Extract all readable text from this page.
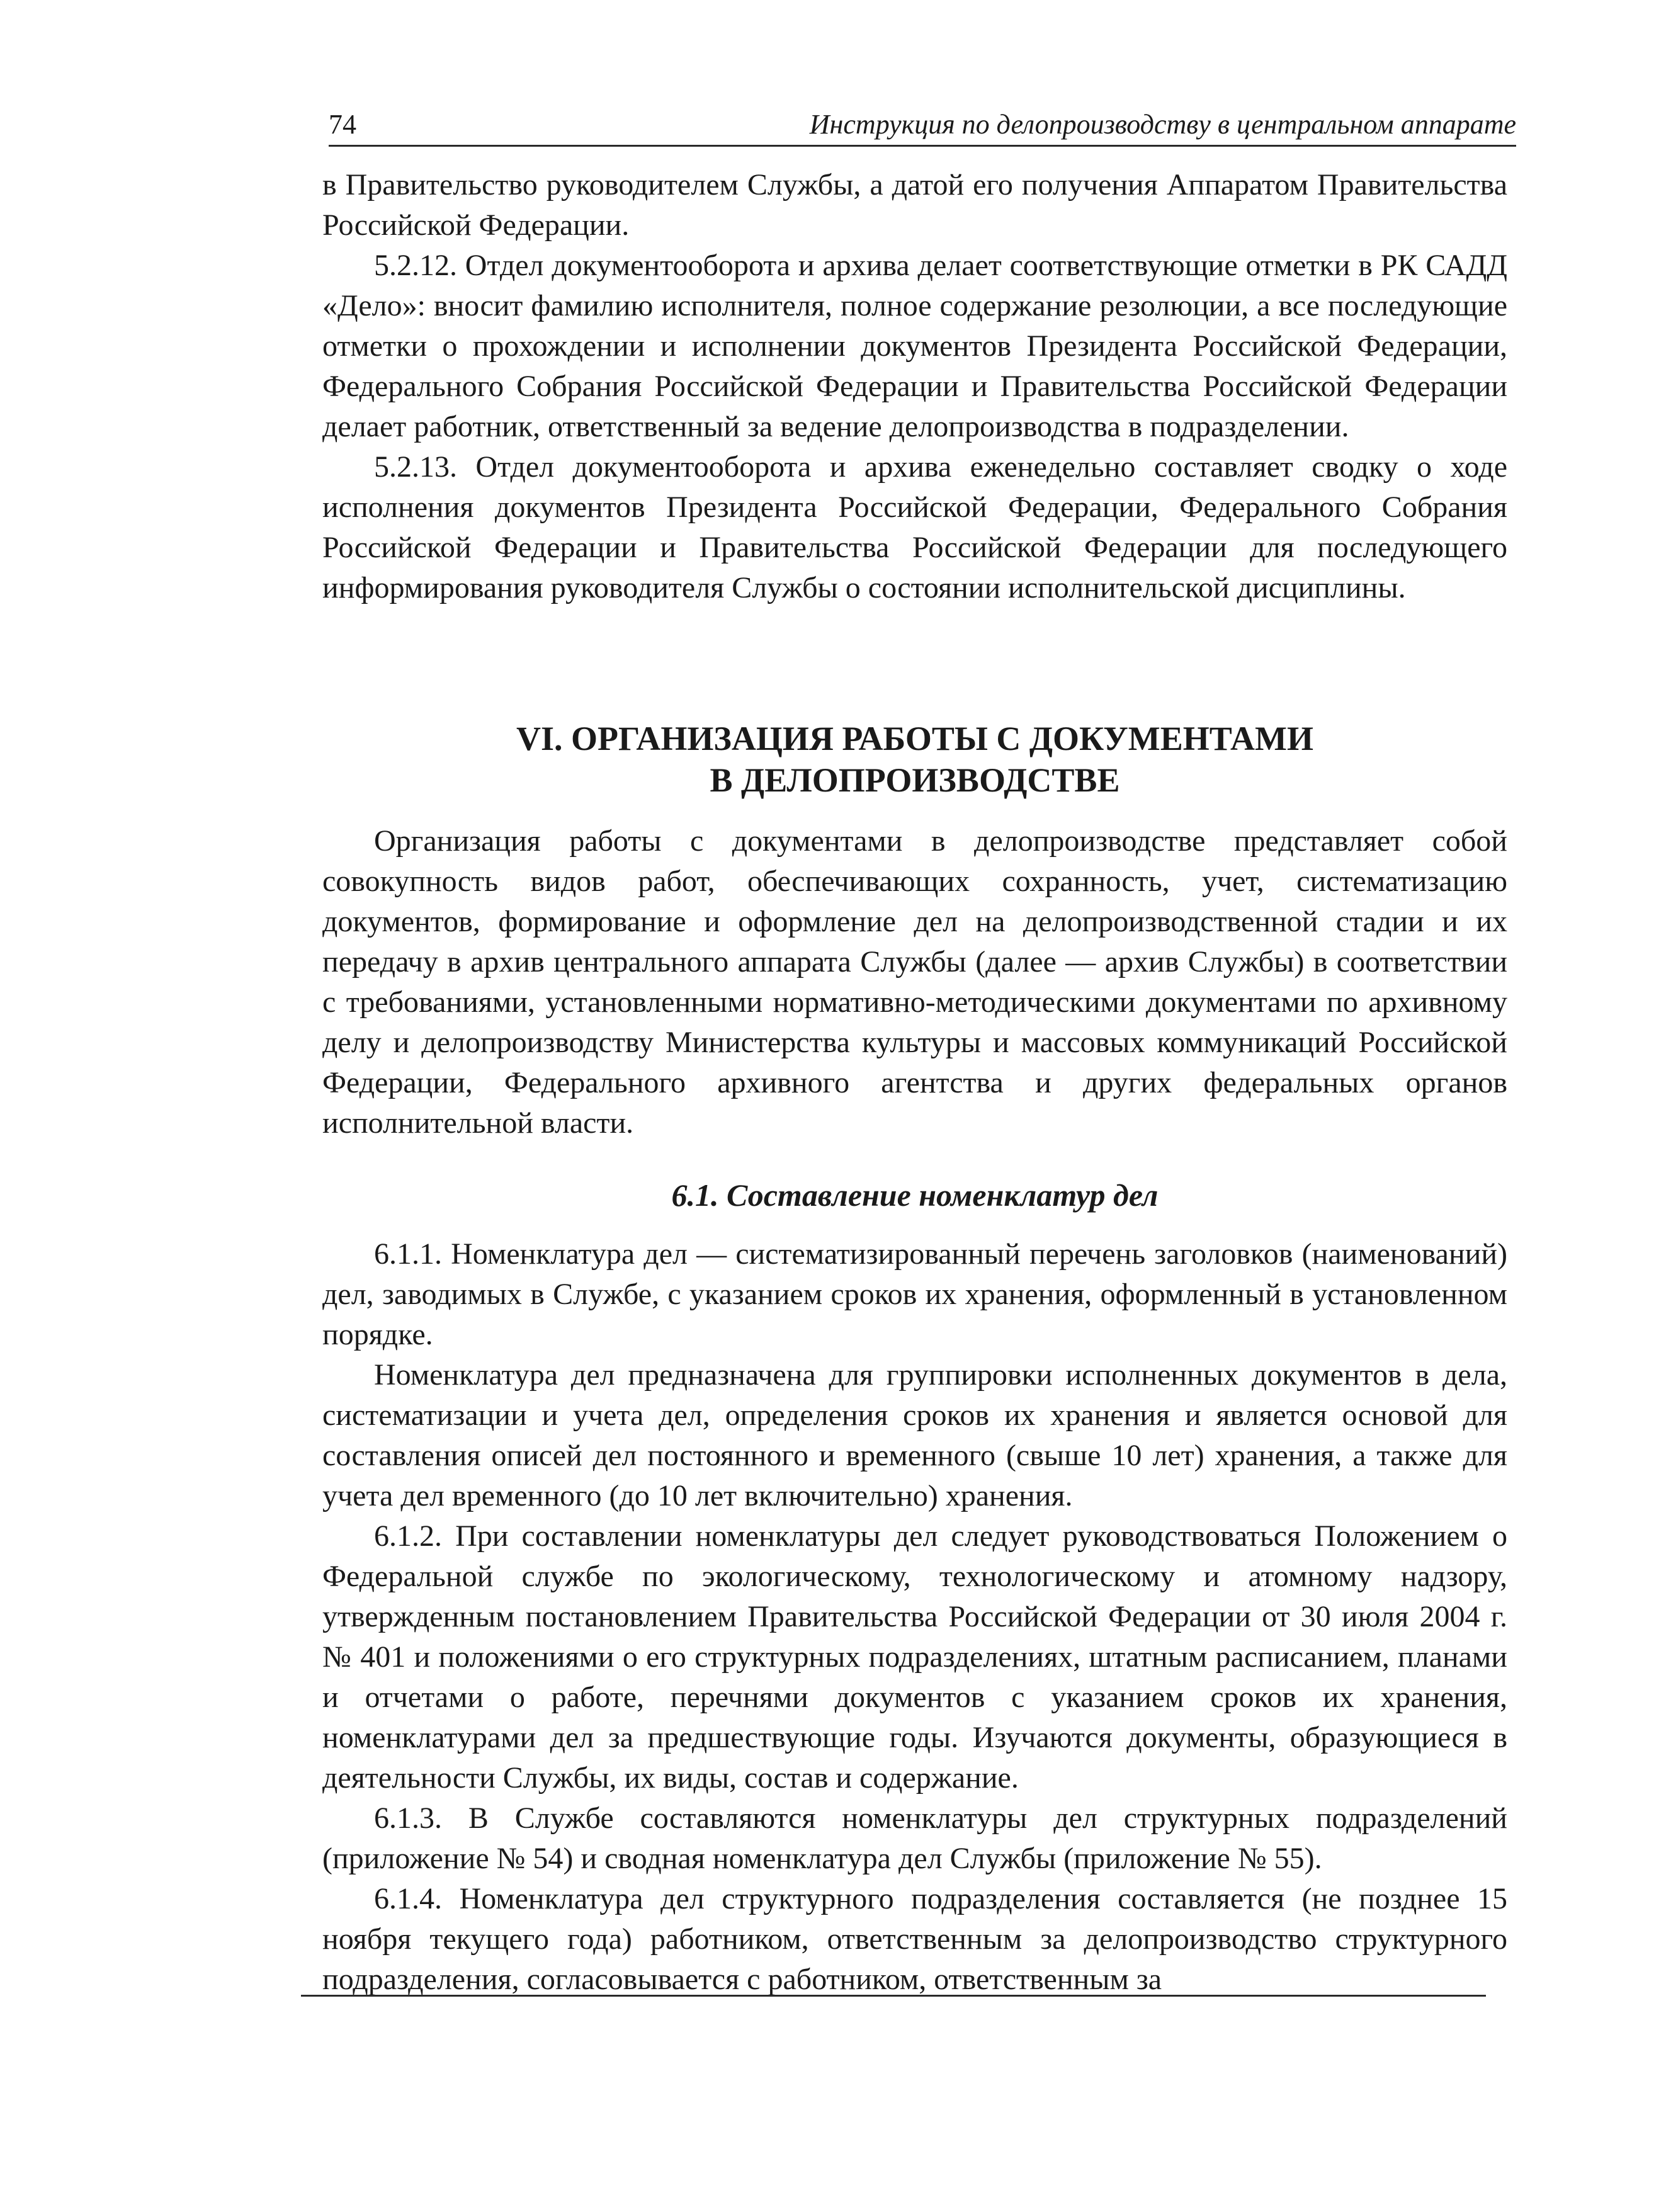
74	Инструкция по делопроизводству в центральном аппарате

в Правительство руководителем Службы, а датой его получения Аппаратом Правительства Российской Федерации.

5.2.12. Отдел документооборота и архива делает соответствующие отметки в РК САДД «Дело»: вносит фамилию исполнителя, полное содержание резолюции, а все последующие отметки о прохождении и исполнении документов Президента Российской Федерации, Федерального Собрания Российской Федерации и Правительства Российской Федерации делает работник, ответственный за ведение делопроизводства в подразделении.

5.2.13. Отдел документооборота и архива еженедельно составляет сводку о ходе исполнения документов Президента Российской Федерации, Федерального Собрания Российской Федерации и Правительства Российской Федерации для последующего информирования руководителя Службы о состоянии исполнительской дисциплины.

VI. ОРГАНИЗАЦИЯ РАБОТЫ С ДОКУМЕНТАМИ
В ДЕЛОПРОИЗВОДСТВЕ

Организация работы с документами в делопроизводстве представляет собой совокупность видов работ, обеспечивающих сохранность, учет, систематизацию документов, формирование и оформление дел на делопроизводственной стадии и их передачу в архив центрального аппарата Службы (далее — архив Службы) в соответствии с требованиями, установленными нормативно-методическими документами по архивному делу и делопроизводству Министерства культуры и массовых коммуникаций Российской Федерации, Федерального архивного агентства и других федеральных органов исполнительной власти.

6.1. Составление номенклатур дел

6.1.1. Номенклатура дел — систематизированный перечень заголовков (наименований) дел, заводимых в Службе, с указанием сроков их хранения, оформленный в установленном порядке.

Номенклатура дел предназначена для группировки исполненных документов в дела, систематизации и учета дел, определения сроков их хранения и является основой для составления описей дел постоянного и временного (свыше 10 лет) хранения, а также для учета дел временного (до 10 лет включительно) хранения.

6.1.2. При составлении номенклатуры дел следует руководствоваться Положением о Федеральной службе по экологическому, технологическому и атомному надзору, утвержденным постановлением Правительства Российской Федерации от 30 июля 2004 г. № 401 и положениями о его структурных подразделениях, штатным расписанием, планами и отчетами о работе, перечнями документов с указанием сроков их хранения, номенклатурами дел за предшествующие годы. Изучаются документы, образующиеся в деятельности Службы, их виды, состав и содержание.

6.1.3. В Службе составляются номенклатуры дел структурных подразделений (приложение № 54) и сводная номенклатура дел Службы (приложение № 55).

6.1.4. Номенклатура дел структурного подразделения составляется (не позднее 15 ноября текущего года) работником, ответственным за делопроизводство структурного подразделения, согласовывается с работником, ответственным за
